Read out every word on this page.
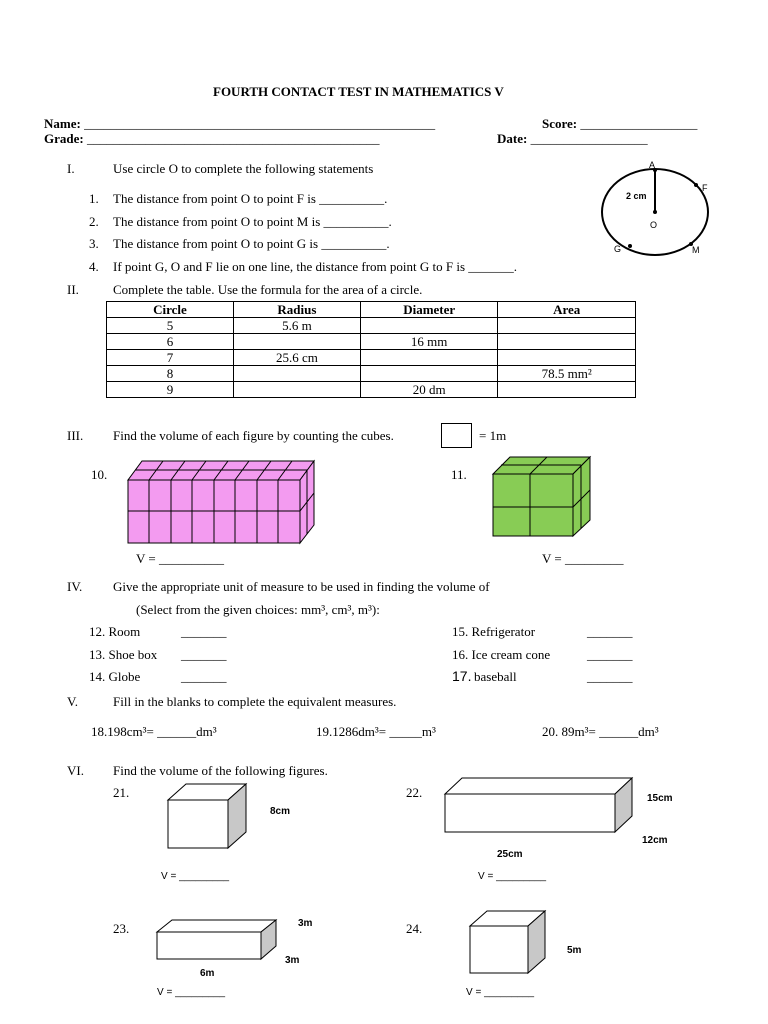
FOURTH CONTACT TEST IN MATHEMATICS V
Name: ______________________________________________________	Score: __________________
Grade: _____________________________________________	Date: __________________
I.	Use circle O to complete the following statements
1. The distance from point O to point F is __________.
2. The distance from point O to point M is __________.
3. The distance from point O to point G is __________.
4. If point G, O and F lie on one line, the distance from point G to F is _______.
A
F
O
G	M
2 cm
II.	Complete the table. Use the formula for the area of a circle.
Circle	Radius	Diameter	Area
5	5.6 m		
6		16 mm	
7	25.6 cm		
8			78.5 mm²
9		20 dm	
III. Find the volume of each figure by counting the cubes.	= 1m
10.	11.
V = __________	V = _________
IV. Give the appropriate unit of measure to be used in finding the volume of
(Select from the given choices: mm³, cm³, m³):
12. Room	_______
13. Shoe box _______
14. Globe	_______
15. Refrigerator	_______
16. Ice cream cone	_______
17. baseball	_______
V.	Fill in the blanks to complete the equivalent measures.
18.198cm³= ______dm³	19.1286dm³= _____m³	20. 89m³= ______dm³
VI. Find the volume of the following figures.
21.
8cm
V = _________
22.	15cm
12cm
25cm
V = _________
23.	3m
3m
6m
V = _________
24.
5m
V = _________
